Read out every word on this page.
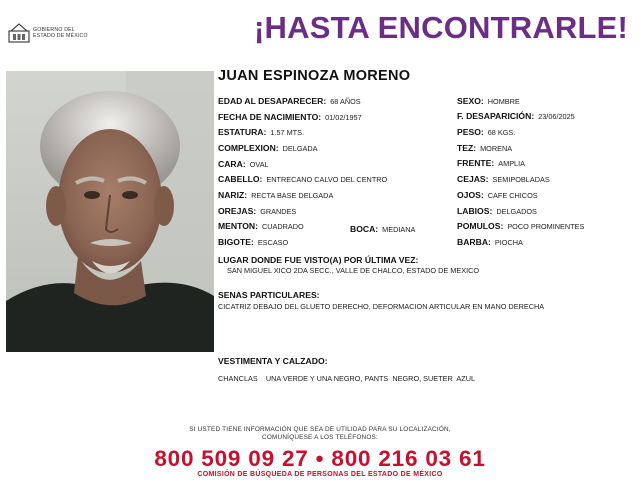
GOBIERNO DEL
ESTADO DE MÉXICO	¡HASTA ENCONTRARLE!
JUAN ESPINOZA MORENO
EDAD AL DESAPARECER: 68 AÑOS
FECHA DE NACIMIENTO: 01/02/1957
ESTATURA: 1.57 MTS.
COMPLEXION: DELGADA
CARA: OVAL
CABELLO: ENTRECANO CALVO DEL CENTRO
NARIZ: RECTA BASE DELGADA
OREJAS: GRANDES
MENTON: CUADRADO	BOCA: MEDIANA
BIGOTE: ESCASO
SEXO: HOMBRE
F. DESAPARICIÓN: 23/06/2025
PESO: 68 KGS.
TEZ: MORENA
FRENTE: AMPLIA
CEJAS: SEMIPOBLADAS
OJOS: CAFE CHICOS
LABIOS: DELGADOS
POMULOS: POCO PROMINENTES
BARBA: PIOCHA
LUGAR DONDE FUE VISTO(A) POR ÚLTIMA VEZ:
SAN MIGUEL XICO 2DA SECC., VALLE DE CHALCO, ESTADO DE MEXICO
SENAS PARTICULARES:
CICATRIZ DEBAJO DEL GLUETO DERECHO, DEFORMACION ARTICULAR EN MANO DERECHA
VESTIMENTA Y CALZADO:
CHANCLAS    UNA VERDE Y UNA NEGRO, PANTS  NEGRO, SUETER  AZUL
SI USTED TIENE INFORMACIÓN QUE SEA DE UTILIDAD PARA SU LOCALIZACIÓN,
COMUNÍQUESE A LOS TELÉFONOS:
800 509 09 27 • 800 216 03 61
COMISIÓN DE BÚSQUEDA DE PERSONAS DEL ESTADO DE MÉXICO
